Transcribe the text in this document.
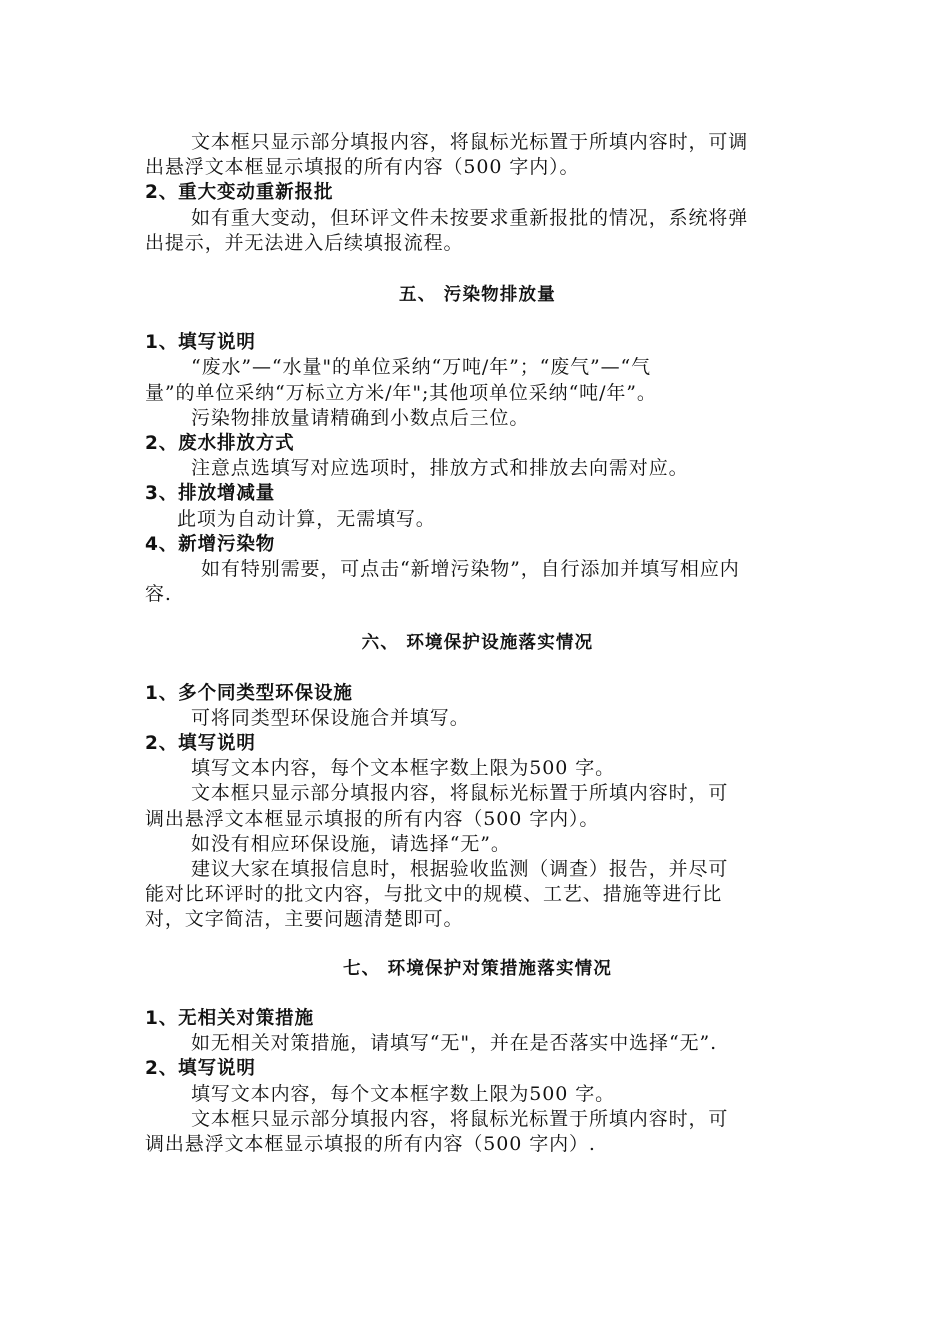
文本框只显示部分填报内容，将鼠标光标置于所填内容时，可调
出悬浮文本框显示填报的所有内容（500 字内）。
2、重大变动重新报批
如有重大变动，但环评文件未按要求重新报批的情况，系统将弹
出提示，并无法进入后续填报流程。
五、 污染物排放量
1、填写说明
“废水”—“水量"的单位采纳“万吨/年”；“废气”—“气
量”的单位采纳“万标立方米/年";其他项单位采纳“吨/年”。
污染物排放量请精确到小数点后三位。
2、废水排放方式
注意点选填写对应选项时，排放方式和排放去向需对应。
3、排放增减量
此项为自动计算，无需填写。
4、新增污染物
如有特别需要，可点击“新增污染物”，自行添加并填写相应内
容.
六、 环境保护设施落实情况
1、多个同类型环保设施
可将同类型环保设施合并填写。
2、填写说明
填写文本内容，每个文本框字数上限为500 字。
文本框只显示部分填报内容，将鼠标光标置于所填内容时，可
调出悬浮文本框显示填报的所有内容（500 字内）。
如没有相应环保设施，请选择“无”。
建议大家在填报信息时，根据验收监测（调查）报告，并尽可
能对比环评时的批文内容，与批文中的规模、工艺、措施等进行比
对，文字简洁，主要问题清楚即可。
七、 环境保护对策措施落实情况
1、无相关对策措施
如无相关对策措施，请填写“无"，并在是否落实中选择“无”.
2、填写说明
填写文本内容，每个文本框字数上限为500 字。
文本框只显示部分填报内容，将鼠标光标置于所填内容时，可
调出悬浮文本框显示填报的所有内容（500 字内）.
